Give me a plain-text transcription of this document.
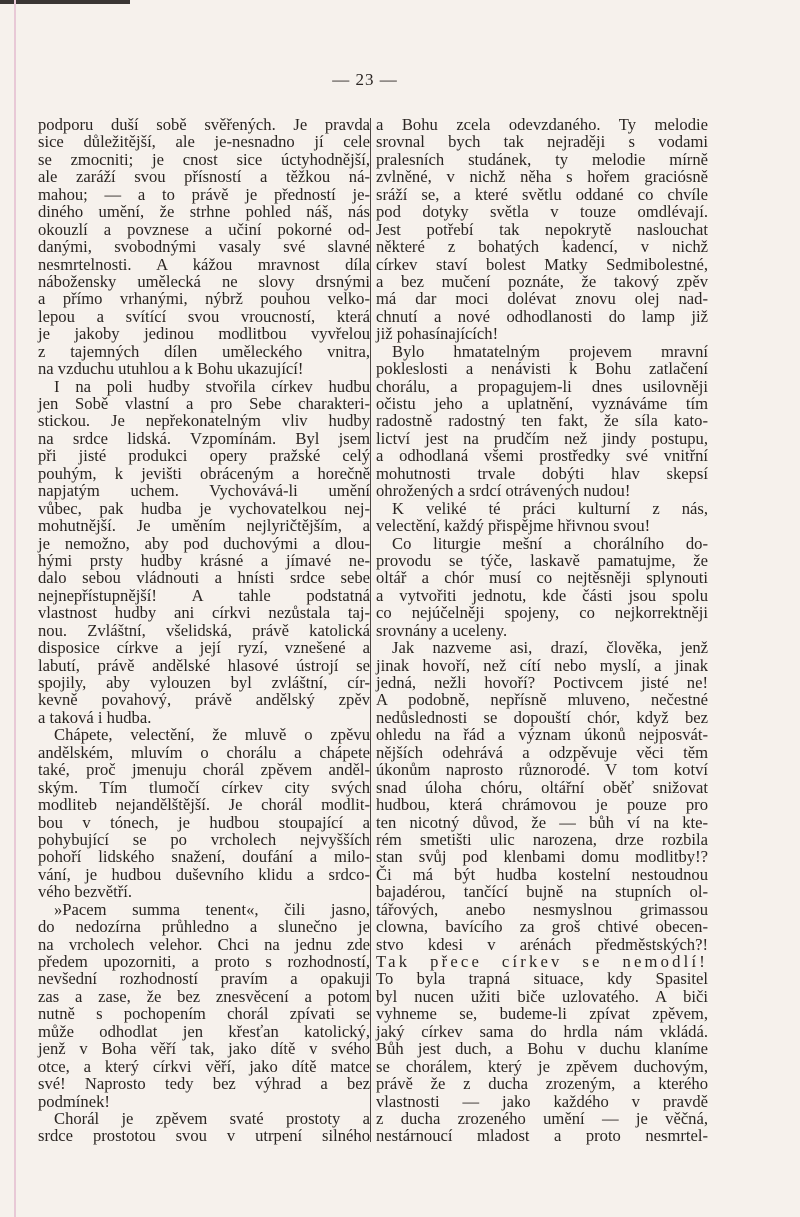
— 23 —
podporu duší sobě svěřených. Je pravda
sice důležitější, ale je-nesnadno jí cele
se zmocniti; je cnost sice úctyhodnější,
ale zaráží svou přísností a těžkou ná-
mahou; — a to právě je předností je-
diného umění, že strhne pohled náš, nás
okouzlí a povznese a učiní pokorné od-
danými, svobodnými vasaly své slavné
nesmrtelnosti. A kážou mravnost díla
nábožensky umělecká ne slovy drsnými
a přímo vrhanými, nýbrž pouhou velko-
lepou a svítící svou vroucností, která
je jakoby jedinou modlitbou vyvřelou
z tajemných dílen uměleckého vnitra,
na vzduchu utuhlou a k Bohu ukazující!
I na poli hudby stvořila církev hudbu
jen Sobě vlastní a pro Sebe charakteri-
stickou. Je nepřekonatelným vliv hudby
na srdce lidská. Vzpomínám. Byl jsem
při jisté produkci opery pražské celý
pouhým, k jevišti obráceným a horečně
napjatým uchem. Vychovává-li umění
vůbec, pak hudba je vychovatelkou nej-
mohutnější. Je uměním nejlyričtějším, a
je nemožno, aby pod duchovými a dlou-
hými prsty hudby krásné a jímavé ne-
dalo sebou vládnouti a hnísti srdce sebe
nejnepřístupnější! A tahle podstatná
vlastnost hudby ani církvi nezůstala taj-
nou. Zvláštní, všelidská, právě katolická
disposice církve a její ryzí, vznešené a
labutí, právě andělské hlasové ústrojí se
spojily, aby vylouzen byl zvláštní, cír-
kevně povahový, právě andělský zpěv
a taková i hudba.
Chápete, velectění, že mluvě o zpěvu
andělském, mluvím o chorálu a chápete
také, proč jmenuju chorál zpěvem anděl-
ským. Tím tlumočí církev city svých
modliteb nejandělštější. Je chorál modlit-
bou v tónech, je hudbou stoupající a
pohybující se po vrcholech nejvyšších
pohoří lidského snažení, doufání a milo-
vání, je hudbou duševního klidu a srdco-
vého bezvětří.
»Pacem summa tenent«, čili jasno,
do nedozírna průhledno a slunečno je
na vrcholech velehor. Chci na jednu zde
předem upozorniti, a proto s rozhodností,
nevšední rozhodností pravím a opakuji
zas a zase, že bez znesvěcení a potom
nutně s pochopením chorál zpívati se
může odhodlat jen křesťan katolický,
jenž v Boha věří tak, jako dítě v svého
otce, a který církvi věří, jako dítě matce
své! Naprosto tedy bez výhrad a bez
podmínek!
Chorál je zpěvem svaté prostoty a
srdce prostotou svou v utrpení silného
a Bohu zcela odevzdaného. Ty melodie
srovnal bych tak nejraději s vodami
pralesních studánek, ty melodie mírně
zvlněné, v nichž něha s hořem graciósně
sráží se, a které světlu oddané co chvíle
pod dotyky světla v touze omdlévají.
Jest potřebí tak nepokrytě naslouchat
některé z bohatých kadencí, v nichž
církev staví bolest Matky Sedmibolestné,
a bez mučení poznáte, že takový zpěv
má dar moci dolévat znovu olej nad-
chnutí a nové odhodlanosti do lamp již
již pohasínajících!
Bylo hmatatelným projevem mravní
pokleslosti a nenávisti k Bohu zatlačení
chorálu, a propagujem-li dnes usilovněji
očistu jeho a uplatnění, vyznáváme tím
radostně radostný ten fakt, že síla kato-
lictví jest na prudčím než jindy postupu,
a odhodlaná všemi prostředky své vnitřní
mohutnosti trvale dobýti hlav skepsí
ohrožených a srdcí otrávených nudou!
K veliké té práci kulturní z nás,
velectění, každý přispějme hřivnou svou!
Co liturgie mešní a chorálního do-
provodu se týče, laskavě pamatujme, že
oltář a chór musí co nejtěsněji splynouti
a vytvořiti jednotu, kde části jsou spolu
co nejúčelněji spojeny, co nejkorrektněji
srovnány a uceleny.
Jak nazveme asi, drazí, člověka, jenž
jinak hovoří, než cítí nebo myslí, a jinak
jedná, nežli hovoří? Poctivcem jisté ne!
A podobně, nepřísně mluveno, nečestné
nedůslednosti se dopouští chór, když bez
ohledu na řád a význam úkonů nejposvát-
nějších odehrává a odzpěvuje věci těm
úkonům naprosto různorodé. V tom kotví
snad úloha chóru, oltářní oběť snižovat
hudbou, která chrámovou je pouze pro
ten nicotný důvod, že — bůh ví na kte-
rém smetišti ulic narozena, drze rozbila
stan svůj pod klenbami domu modlitby!?
Či má být hudba kostelní nestoudnou
bajadérou, tančící bujně na stupních ol-
tářových, anebo nesmyslnou grimassou
clowna, bavícího za groš chtivé obecen-
stvo kdesi v arénách předměstských?!
Tak přece církev se nemodlí!
To byla trapná situace, kdy Spasitel
byl nucen užiti biče uzlovatého. A biči
vyhneme se, budeme-li zpívat zpěvem,
jaký církev sama do hrdla nám vkládá.
Bůh jest duch, a Bohu v duchu klaníme
se chorálem, který je zpěvem duchovým,
právě že z ducha zrozeným, a kterého
vlastnosti — jako každého v pravdě
z ducha zrozeného umění — je věčná,
nestárnoucí mladost a proto nesmrtel-
